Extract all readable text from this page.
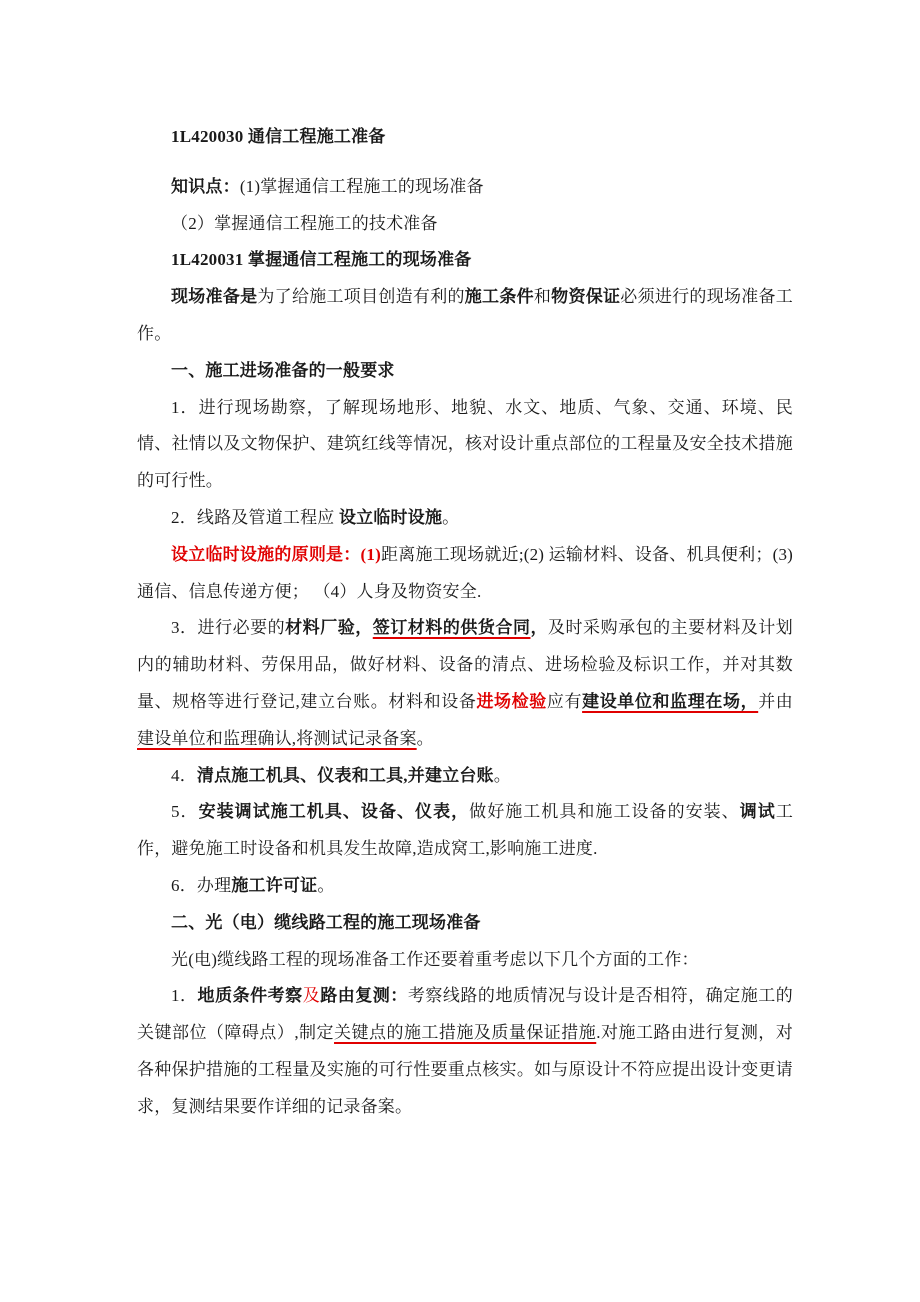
1L420030 通信工程施工准备

知识点：(1)掌握通信工程施工的现场准备

（2）掌握通信工程施工的技术准备

1L420031 掌握通信工程施工的现场准备

现场准备是为了给施工项目创造有利的施工条件和物资保证必须进行的现场准备工作。

一、施工进场准备的一般要求

1．进行现场勘察，了解现场地形、地貌、水文、地质、气象、交通、环境、民情、社情以及文物保护、建筑红线等情况，核对设计重点部位的工程量及安全技术措施的可行性。

2．线路及管道工程应 设立临时设施。

设立临时设施的原则是：(1)距离施工现场就近;(2) 运输材料、设备、机具便利；(3)通信、信息传递方便； （4）人身及物资安全.

3．进行必要的材料厂验，签订材料的供货合同，及时采购承包的主要材料及计划内的辅助材料、劳保用品，做好材料、设备的清点、进场检验及标识工作，并对其数量、规格等进行登记,建立台账。材料和设备进场检验应有建设单位和监理在场，并由建设单位和监理确认,将测试记录备案。

4．清点施工机具、仪表和工具,并建立台账。

5．安装调试施工机具、设备、仪表，做好施工机具和施工设备的安装、调试工作，避免施工时设备和机具发生故障,造成窝工,影响施工进度.

6．办理施工许可证。

二、光（电）缆线路工程的施工现场准备

光(电)缆线路工程的现场准备工作还要着重考虑以下几个方面的工作：

1．地质条件考察及路由复测：考察线路的地质情况与设计是否相符，确定施工的关键部位（障碍点）,制定关键点的施工措施及质量保证措施.对施工路由进行复测，对各种保护措施的工程量及实施的可行性要重点核实。如与原设计不符应提出设计变更请求，复测结果要作详细的记录备案。
